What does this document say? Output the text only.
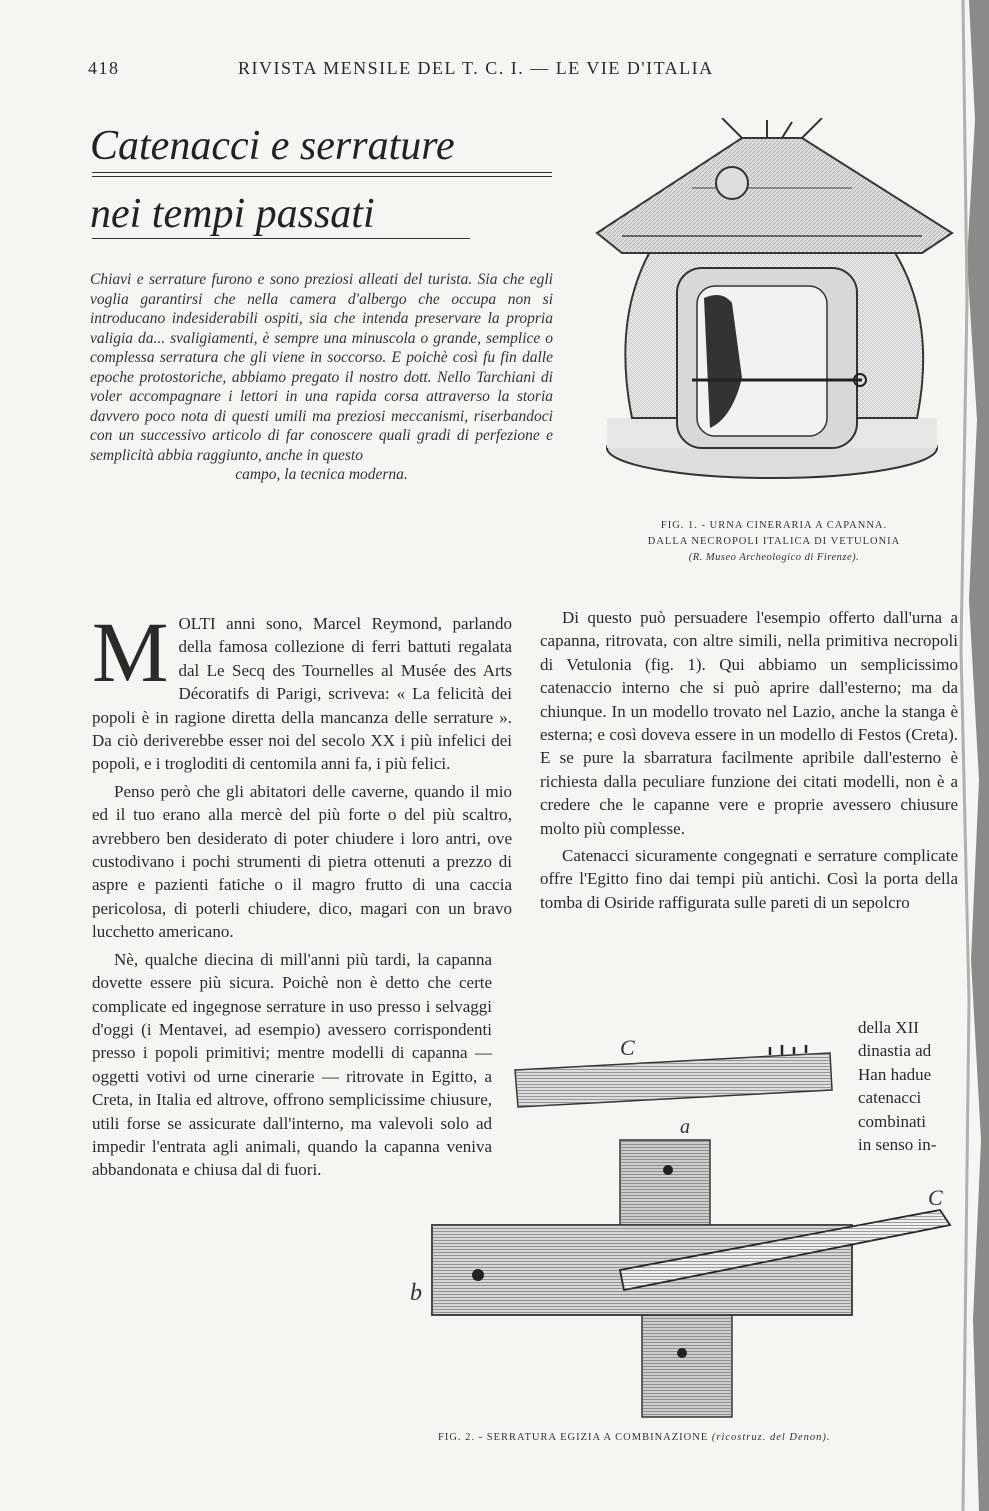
418	RIVISTA MENSILE DEL T. C. I. — LE VIE D'ITALIA
Catenacci e serrature
nei tempi passati
Chiavi e serrature furono e sono preziosi alleati del turista. Sia che egli voglia garantirsi che nella camera d'albergo che occupa non si introducano indesiderabili ospiti, sia che intenda preservare la propria valigia da... svaligiamenti, è sempre una minuscola o grande, semplice o complessa serratura che gli viene in soccorso. E poichè così fu fin dalle epoche protostoriche, abbiamo pregato il nostro dott. Nello Tarchiani di voler accompagnare i lettori in una rapida corsa attraverso la storia davvero poco nota di questi umili ma preziosi meccanismi, riserbandoci con un successivo articolo di far conoscere quali gradi di perfezione e semplicità abbia raggiunto, anche in questo
campo, la tecnica moderna.
FIG. 1. - URNA CINERARIA A CAPANNA.
DALLA NECROPOLI ITALICA DI VETULONIA
(R. Museo Archeologico di Firenze).

MOLTI anni sono, Marcel Reymond, parlando della famosa collezione di ferri battuti regalata dal Le Secq des Tournelles al Musée des Arts Décoratifs di Parigi, scriveva: « La felicità dei popoli è in ragione diretta della mancanza delle serrature ». Da ciò deriverebbe esser noi del secolo XX i più infelici dei popoli, e i trogloditi di centomila anni fa, i più felici.

Penso però che gli abitatori delle caverne, quando il mio ed il tuo erano alla mercè del più forte o del più scaltro, avrebbero ben desiderato di poter chiudere i loro antri, ove custodivano i pochi strumenti di pietra ottenuti a prezzo di aspre e pazienti fatiche o il magro frutto di una caccia pericolosa, di poterli chiudere, dico, magari con un bravo lucchetto americano.

Nè, qualche diecina di mill'anni più tardi, la capanna dovette essere più sicura. Poichè non è detto che certe complicate ed ingegnose serrature in uso presso i selvaggi d'oggi (i Mentavei, ad esempio) avessero corrispondenti presso i popoli primitivi; mentre modelli di capanna — oggetti votivi od urne cinerarie — ritrovate in Egitto, a Creta, in Italia ed altrove, offrono semplicissime chiusure, utili forse se assicurate dall'interno, ma valevoli solo ad impedir l'entrata agli animali, quando la capanna veniva abbandonata e chiusa dal di fuori.

Di questo può persuadere l'esempio offerto dall'urna a capanna, ritrovata, con altre simili, nella primitiva necropoli di Vetulonia (fig. 1). Qui abbiamo un semplicissimo catenaccio interno che si può aprire dall'esterno; ma da chiunque. In un modello trovato nel Lazio, anche la stanga è esterna; e così doveva essere in un modello di Festos (Creta). E se pure la sbarratura facilmente apribile dall'esterno è richiesta dalla peculiare funzione dei citati modelli, non è a credere che le capanne vere e proprie avessero chiusure molto più complesse.

Catenacci sicuramente congegnati e serrature complicate offre l'Egitto fino dai tempi più antichi. Così la porta della tomba di Osiride raffigurata sulle pareti di un sepolcro

della XII
dinastia ad
Han hadue
catenacci
combinati
in senso in-
C
a
C
b
FIG. 2. - SERRATURA EGIZIA A COMBINAZIONE (ricostruz. del Denon).
